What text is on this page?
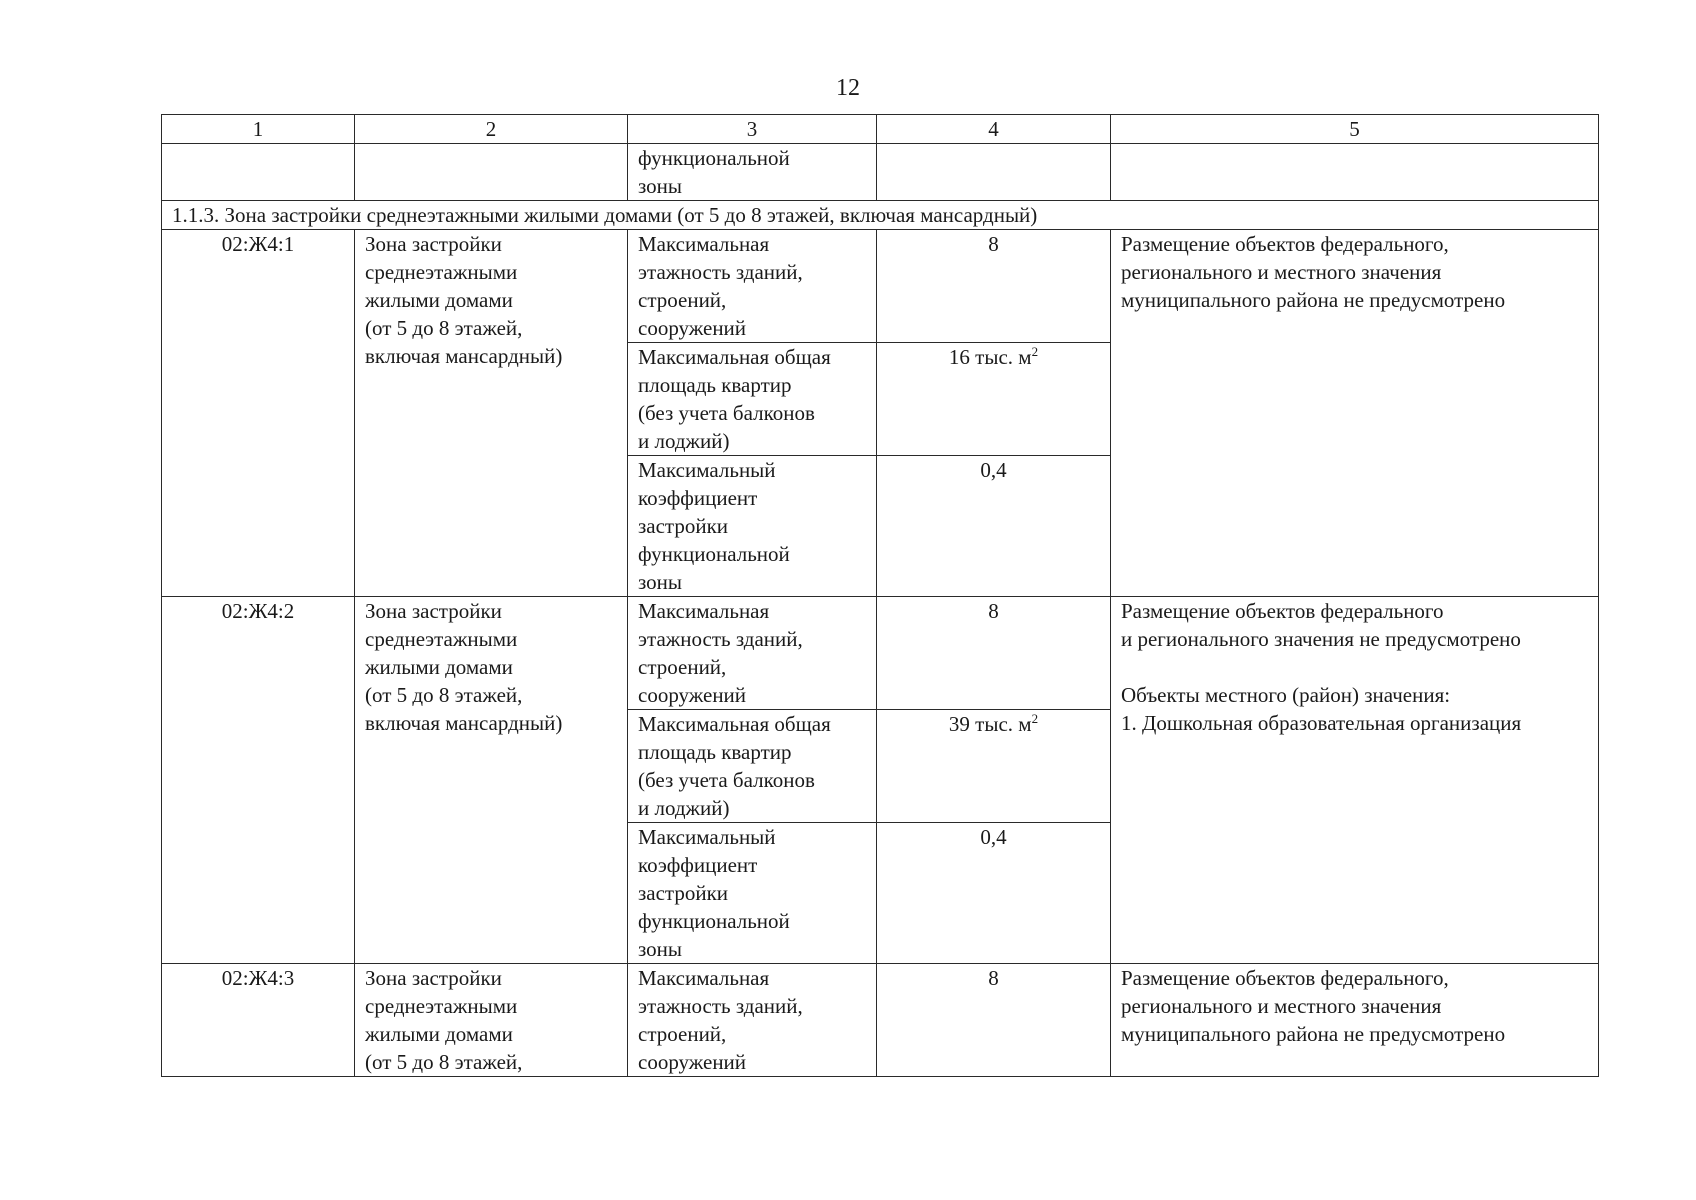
12
1	2	3	4	5
		функциональной
зоны		
1.1.3. Зона застройки среднеэтажными жилыми домами (от 5 до 8 этажей, включая мансардный)				
02:Ж4:1	Зона застройки
среднеэтажными
жилыми домами
(от 5 до 8 этажей,
включая мансардный)	Максимальная
этажность зданий,
строений,
сооружений	8	Размещение объектов федерального,
регионального и местного значения
муниципального района не предусмотрено
		Максимальная общая
площадь квартир
(без учета балконов
и лоджий)	16 тыс. $м^2$
		Максимальный
коэффициент
застройки
функциональной
зоны	0,4	
02:Ж4:2	Зона застройки
среднеэтажными
жилыми домами
(от 5 до 8 этажей,
включая мансардный)	Максимальная
этажность зданий,
строений,
сооружений	8	Размещение объектов федерального
и регионального значения не предусмотрено

Объекты местного (район) значения:
1. Дошкольная образовательная организация
		Максимальная общая
площадь квартир
(без учета балконов
и лоджий)	39 тыс. $м^2$
		Максимальный
коэффициент
застройки
функциональной
зоны	0,4	
02:Ж4:3	Зона застройки
среднеэтажными
жилыми домами
(от 5 до 8 этажей,	Максимальная
этажность зданий,
строений,
сооружений	8	Размещение объектов федерального,
регионального и местного значения
муниципального района не предусмотрено
